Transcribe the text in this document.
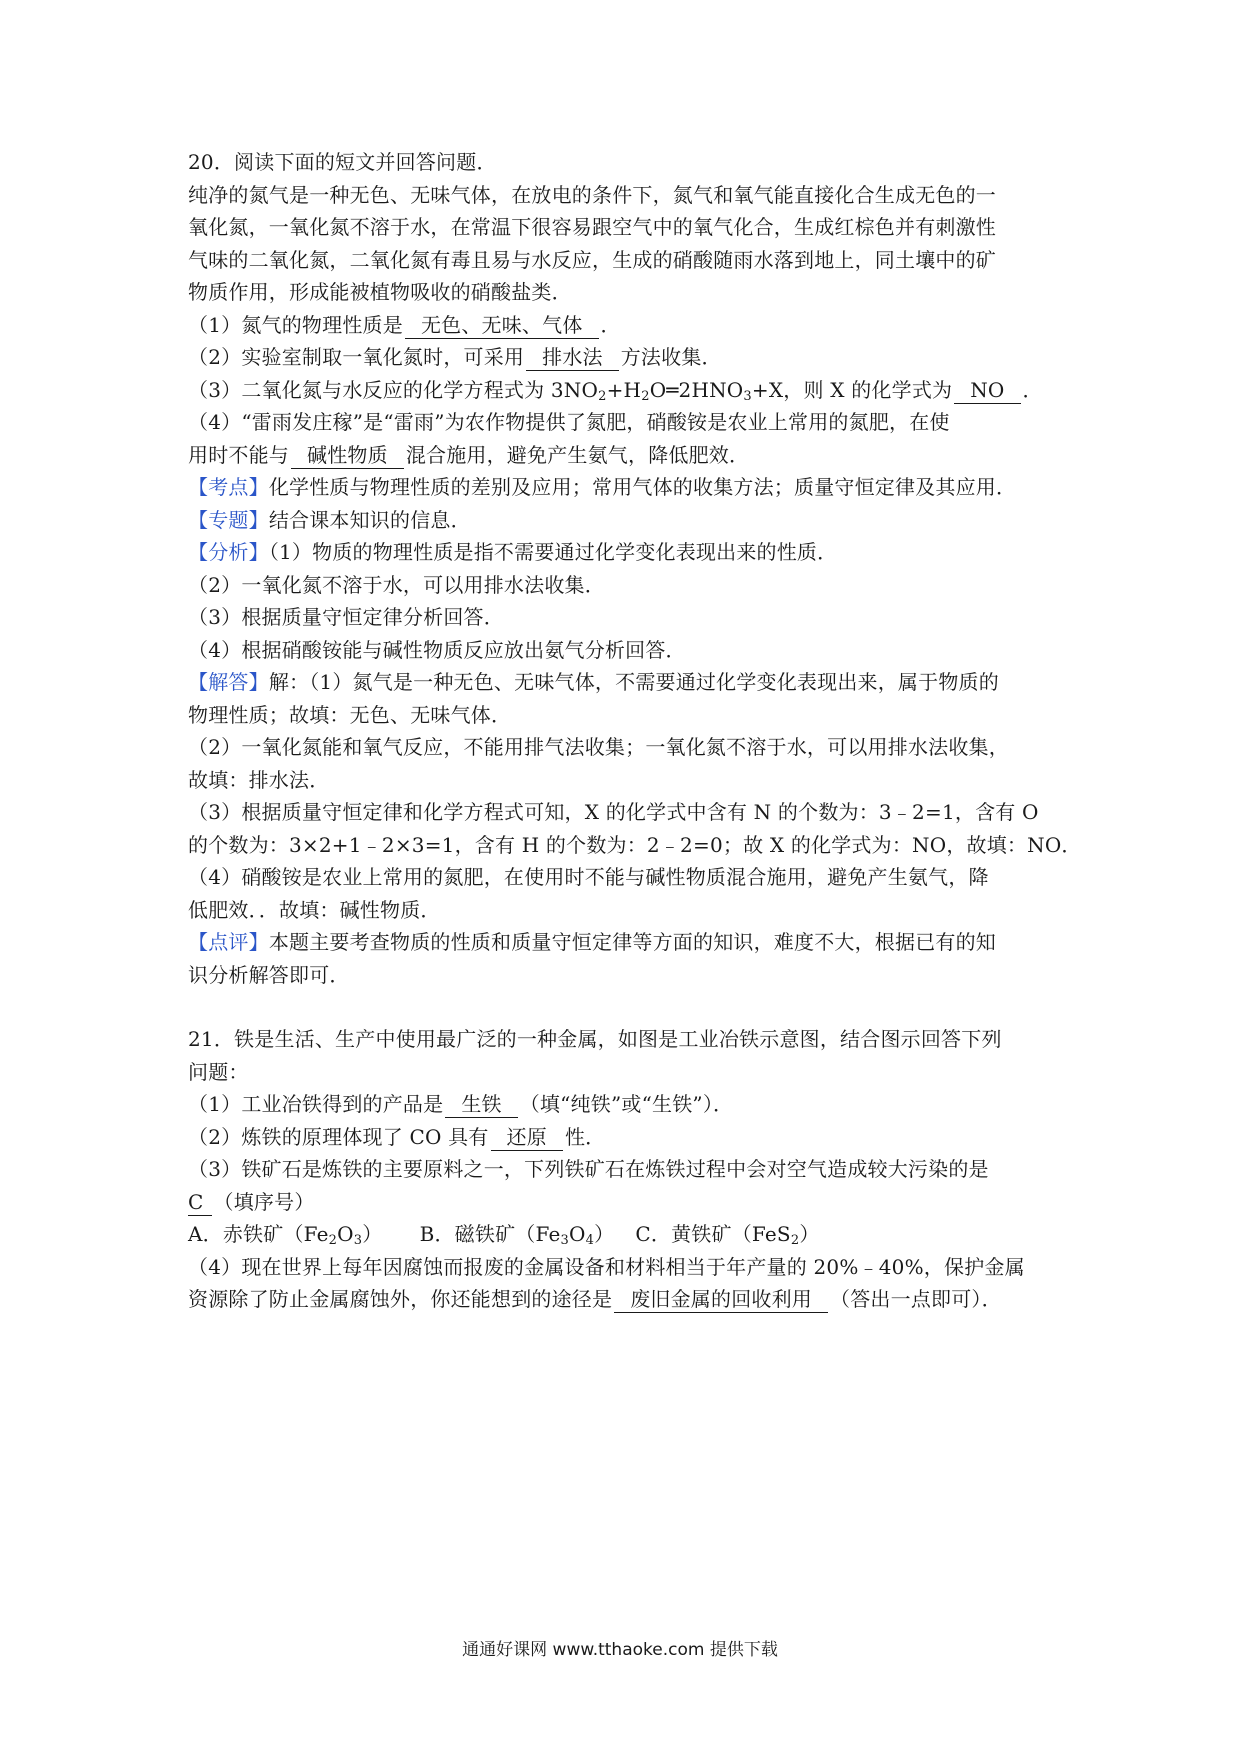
20．阅读下面的短文并回答问题．
纯净的氮气是一种无色、无味气体，在放电的条件下，氮气和氧气能直接化合生成无色的一
氧化氮，一氧化氮不溶于水，在常温下很容易跟空气中的氧气化合，生成红棕色并有刺激性
气味的二氧化氮，二氧化氮有毒且易与水反应，生成的硝酸随雨水落到地上，同土壤中的矿
物质作用，形成能被植物吸收的硝酸盐类．
（1）氮气的物理性质是 无色、无味、气体 ．
（2）实验室制取一氧化氮时，可采用 排水法 方法收集．
（3）二氧化氮与水反应的化学方程式为 $3NO_2+H_2O═2HNO_3+X$，则 X 的化学式为 NO ．
（4）“雷雨发庄稼”是“雷雨”为农作物提供了氮肥，硝酸铵是农业上常用的氮肥，在使
用时不能与 碱性物质 混合施用，避免产生氨气，降低肥效．
【考点】化学性质与物理性质的差别及应用；常用气体的收集方法；质量守恒定律及其应用．
【专题】结合课本知识的信息．
【分析】（1）物质的物理性质是指不需要通过化学变化表现出来的性质．
（2）一氧化氮不溶于水，可以用排水法收集．
（3）根据质量守恒定律分析回答．
（4）根据硝酸铵能与碱性物质反应放出氨气分析回答．
【解答】解：（1）氮气是一种无色、无味气体，不需要通过化学变化表现出来，属于物质的
物理性质；故填：无色、无味气体．
（2）一氧化氮能和氧气反应，不能用排气法收集；一氧化氮不溶于水，可以用排水法收集，
故填：排水法．
（3）根据质量守恒定律和化学方程式可知，X 的化学式中含有 N 的个数为：3﹣2=1，含有 O
的个数为：3×2+1﹣2×3=1，含有 H 的个数为：2﹣2=0；故 X 的化学式为：NO，故填：NO．
（4）硝酸铵是农业上常用的氮肥，在使用时不能与碱性物质混合施用，避免产生氨气，降
低肥效．．故填：碱性物质．
【点评】本题主要考查物质的性质和质量守恒定律等方面的知识，难度不大，根据已有的知
识分析解答即可．
21．铁是生活、生产中使用最广泛的一种金属，如图是工业冶铁示意图，结合图示回答下列
问题：
（1）工业冶铁得到的产品是 生铁 （填“纯铁”或“生铁”）．
（2）炼铁的原理体现了 CO 具有 还原 性．
（3）铁矿石是炼铁的主要原料之一，下列铁矿石在炼铁过程中会对空气造成较大污染的是
C （填序号）
A．赤铁矿$(Fe_2O_3)$ B．磁铁矿$(Fe_3O_4)$ C．黄铁矿（FeS$_2$）
（4）现在世界上每年因腐蚀而报废的金属设备和材料相当于年产量的 20%﹣40%，保护金属
资源除了防止金属腐蚀外，你还能想到的途径是 废旧金属的回收利用 （答出一点即可）．
通通好课网 www.tthaoke.com 提供下载
